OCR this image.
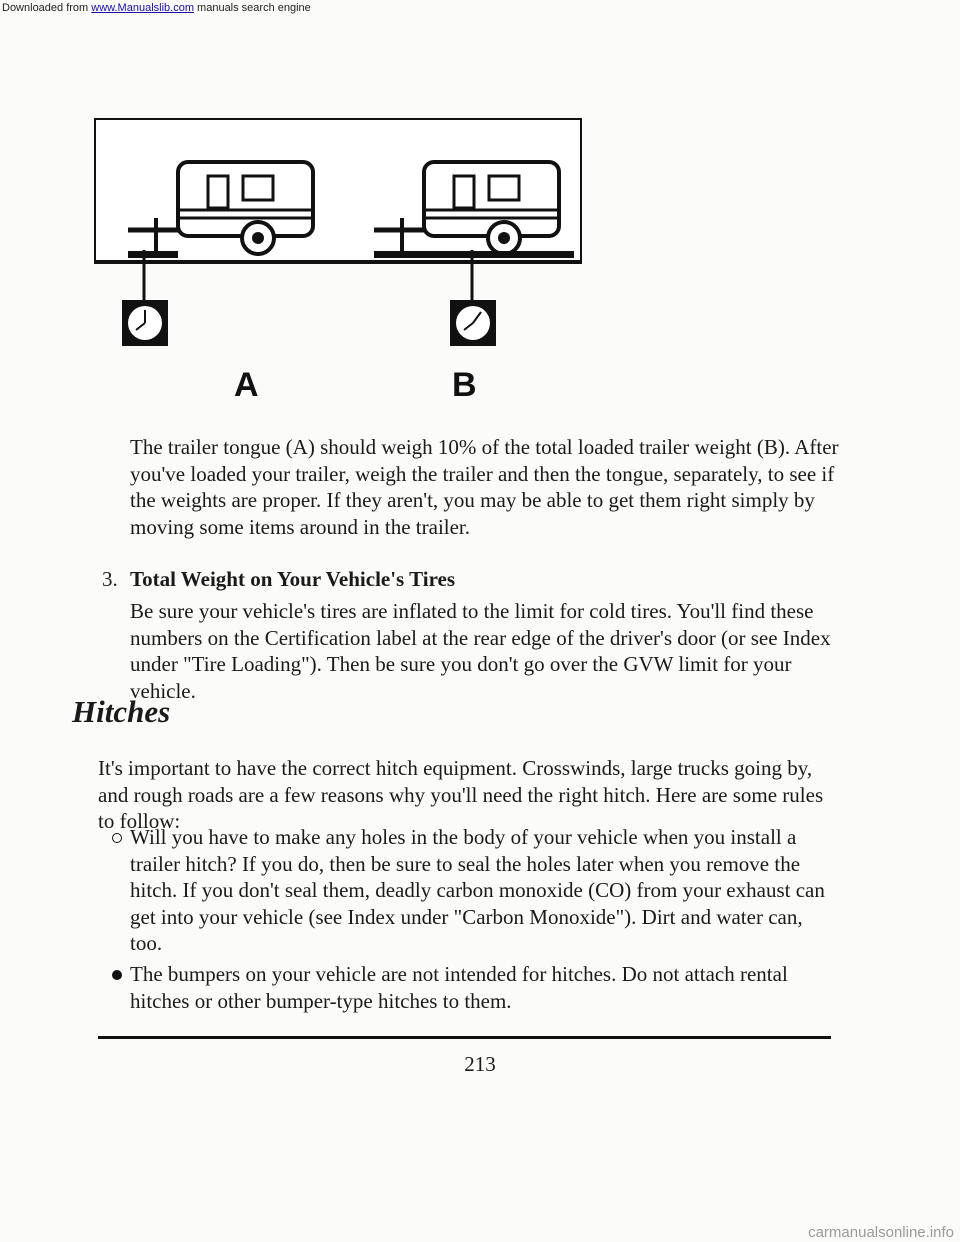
Downloaded from www.Manualslib.com manuals search engine
A	B

The trailer tongue (A) should weigh 10% of the total loaded trailer weight (B). After you've loaded your trailer, weigh the trailer and then the tongue, separately, to see if the weights are proper. If they aren't, you may be able to get them right simply by moving some items around in the trailer.

3. Total Weight on Your Vehicle's Tires

Be sure your vehicle's tires are inflated to the limit for cold tires. You'll find these numbers on the Certification label at the rear edge of the driver's door (or see Index under "Tire Loading"). Then be sure you don't go over the GVW limit for your vehicle.

Hitches

It's important to have the correct hitch equipment. Crosswinds, large trucks going by, and rough roads are a few reasons why you'll need the right hitch. Here are some rules to follow:

Will you have to make any holes in the body of your vehicle when you install a trailer hitch? If you do, then be sure to seal the holes later when you remove the hitch. If you don't seal them, deadly carbon monoxide (CO) from your exhaust can get into your vehicle (see Index under "Carbon Monoxide"). Dirt and water can, too.
The bumpers on your vehicle are not intended for hitches. Do not attach rental hitches or other bumper-type hitches to them.
213
carmanualsonline.info
